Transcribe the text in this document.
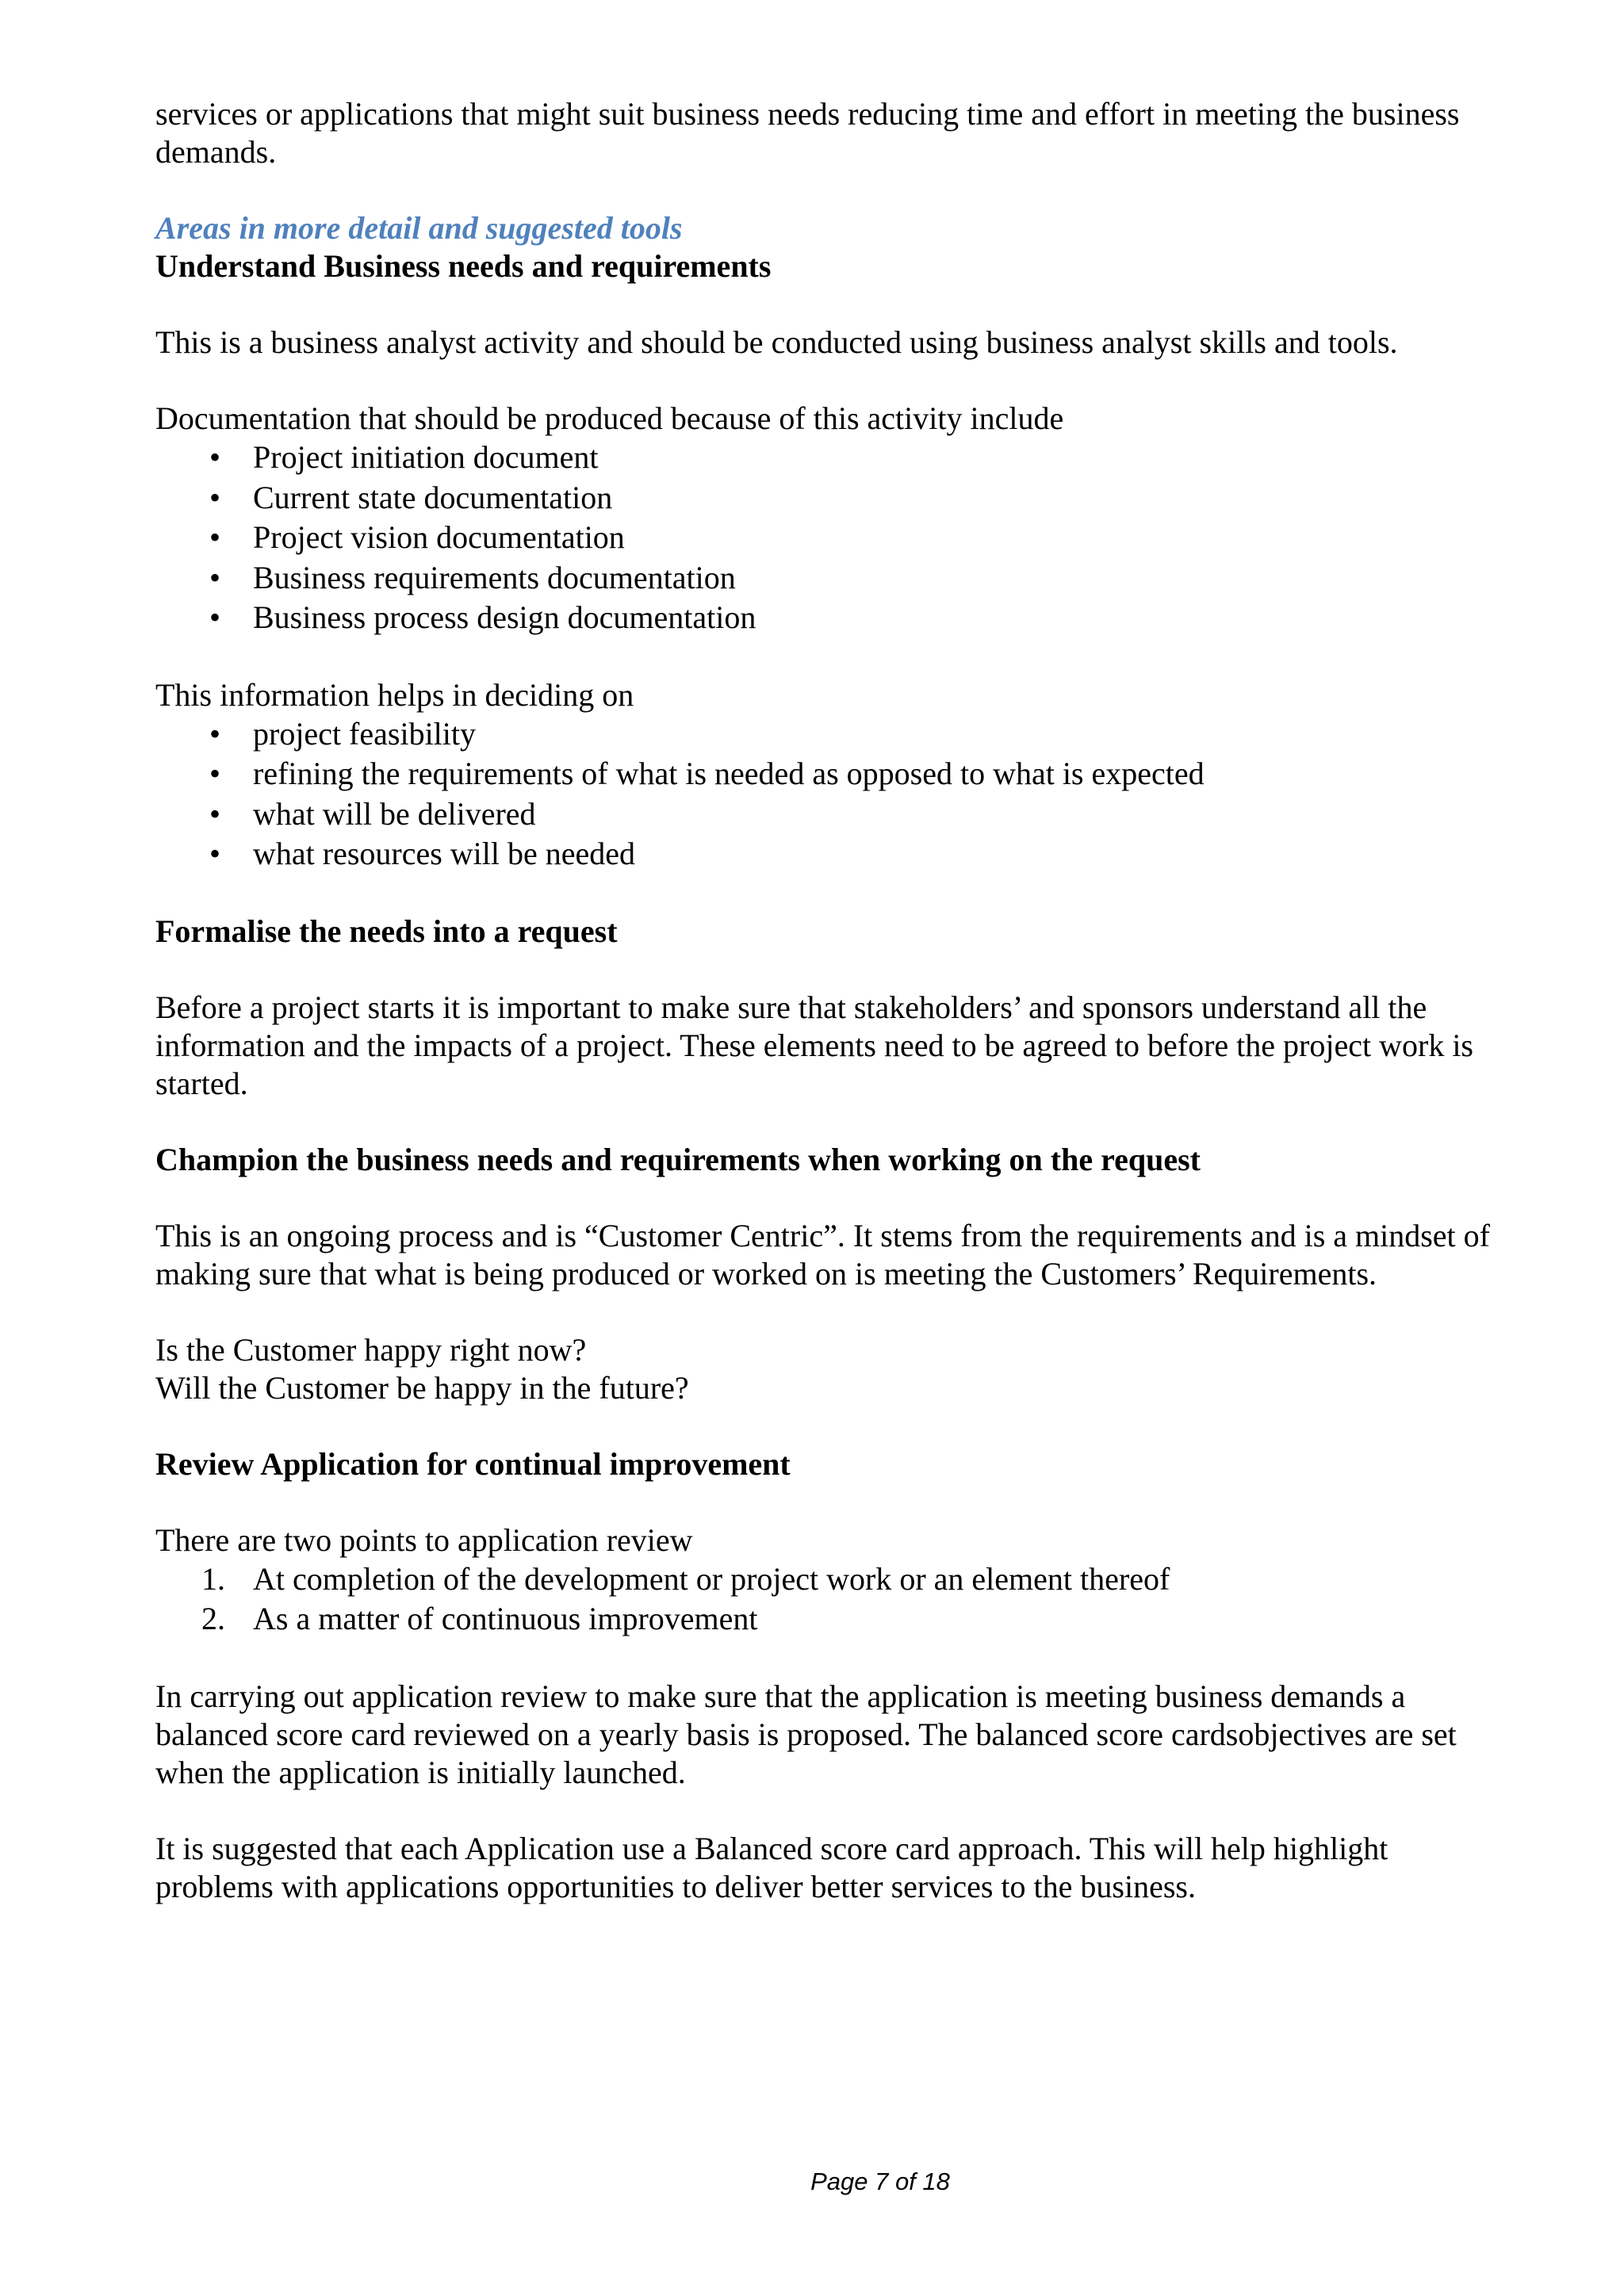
services or applications that might suit business needs reducing time and effort in meeting the business demands.

Areas in more detail and suggested tools

Understand Business needs and requirements

This is a business analyst activity and should be conducted using business analyst skills and tools.

Documentation that should be produced because of this activity include

• Project initiation document
• Current state documentation
• Project vision documentation
• Business requirements documentation
• Business process design documentation

This information helps in deciding on

• project feasibility
• refining the requirements of what is needed as opposed to what is expected
• what will be delivered
• what resources will be needed

Formalise the needs into a request

Before a project starts it is important to make sure that stakeholders’ and sponsors understand all the information and the impacts of a project. These elements need to be agreed to before the project work is started.

Champion the business needs and requirements when working on the request

This is an ongoing process and is “Customer Centric”. It stems from the requirements and is a mindset of making sure that what is being produced or worked on is meeting the Customers’ Requirements.

Is the Customer happy right now?

Will the Customer be happy in the future?

Review Application for continual improvement

There are two points to application review

1. At completion of the development or project work or an element thereof
2. As a matter of continuous improvement

In carrying out application review to make sure that the application is meeting business demands a balanced score card reviewed on a yearly basis is proposed. The balanced score cardsobjectives are set when the application is initially launched.

It is suggested that each Application use a Balanced score card approach. This will help highlight problems with applications opportunities to deliver better services to the business.

Page 7 of 18
